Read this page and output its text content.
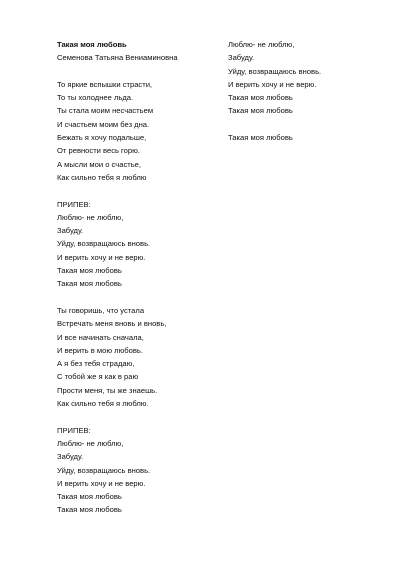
Такая моя любовь
Семенова Татьяна Вениаминовна
То яркие вспышки страсти,
То ты холоднее льда.
Ты стала моим несчастьем
И счастьем моим без дна.
Бежать я хочу подальше,
От ревности весь горю.
А мысли мои о счастье,
Как сильно тебя я люблю
ПРИПЕВ:
Люблю- не люблю,
Забуду.
Уйду, возвращаюсь вновь.
И верить хочу и не верю.
Такая моя любовь
Такая моя любовь
Ты говоришь, что устала
Встречать меня вновь и вновь,
И все начинать сначала,
И верить в мою любовь.
А я без тебя страдаю,
С тобой же я как в раю
Прости меня, ты же знаешь.
Как сильно тебя я люблю.
ПРИПЕВ:
Люблю- не люблю,
Забуду.
Уйду, возвращаюсь вновь.
И верить хочу и не верю.
Такая моя любовь
Такая моя любовь
Люблю- не люблю,
Забуду.
Уйду, возвращаюсь вновь.
И верить хочу и не верю.
Такая моя любовь
Такая моя любовь
Такая моя любовь
